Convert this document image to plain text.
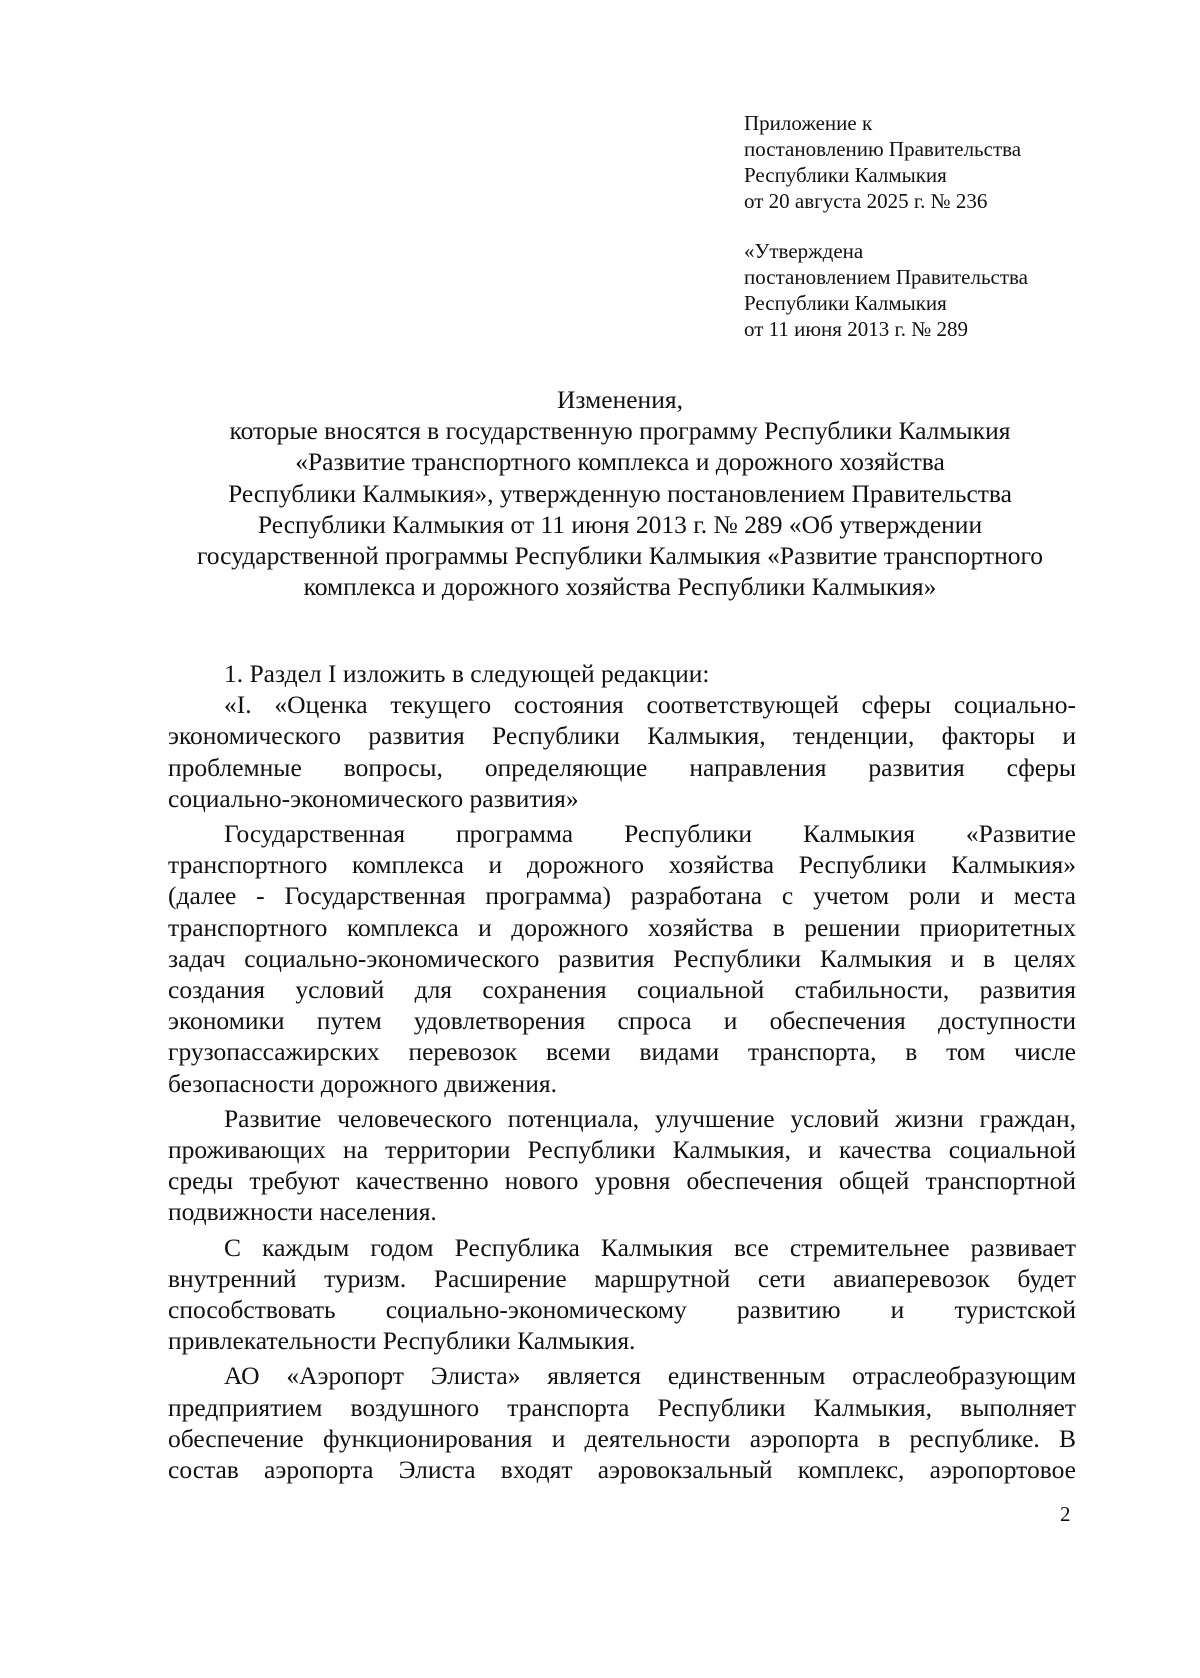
Приложение к
постановлению Правительства
Республики Калмыкия
от 20 августа 2025 г. № 236
«Утверждена
постановлением Правительства
Республики Калмыкия
от 11 июня 2013 г. № 289
Изменения,
которые вносятся в государственную программу Республики Калмыкия
«Развитие транспортного комплекса и дорожного хозяйства
Республики Калмыкия», утвержденную постановлением Правительства
Республики Калмыкия от 11 июня 2013 г. № 289 «Об утверждении
государственной программы Республики Калмыкия «Развитие транспортного
комплекса и дорожного хозяйства Республики Калмыкия»
1. Раздел I изложить в следующей редакции:
«I. «Оценка текущего состояния соответствующей сферы социально-
экономического развития Республики Калмыкия, тенденции, факторы и
проблемные вопросы, определяющие направления развития сферы
социально-экономического развития»
Государственная программа Республики Калмыкия «Развитие
транспортного комплекса и дорожного хозяйства Республики Калмыкия»
(далее - Государственная программа) разработана с учетом роли и места
транспортного комплекса и дорожного хозяйства в решении приоритетных
задач социально-экономического развития Республики Калмыкия и в целях
создания условий для сохранения социальной стабильности, развития
экономики путем удовлетворения спроса и обеспечения доступности
грузопассажирских перевозок всеми видами транспорта, в том числе
безопасности дорожного движения.
Развитие человеческого потенциала, улучшение условий жизни граждан,
проживающих на территории Республики Калмыкия, и качества социальной
среды требуют качественно нового уровня обеспечения общей транспортной
подвижности населения.
С каждым годом Республика Калмыкия все стремительнее развивает
внутренний туризм. Расширение маршрутной сети авиаперевозок будет
способствовать социально-экономическому развитию и туристской
привлекательности Республики Калмыкия.
АО «Аэропорт Элиста» является единственным отраслеобразующим
предприятием воздушного транспорта Республики Калмыкия, выполняет
обеспечение функционирования и деятельности аэропорта в республике. В
состав аэропорта Элиста входят аэровокзальный комплекс, аэропортовое
2
